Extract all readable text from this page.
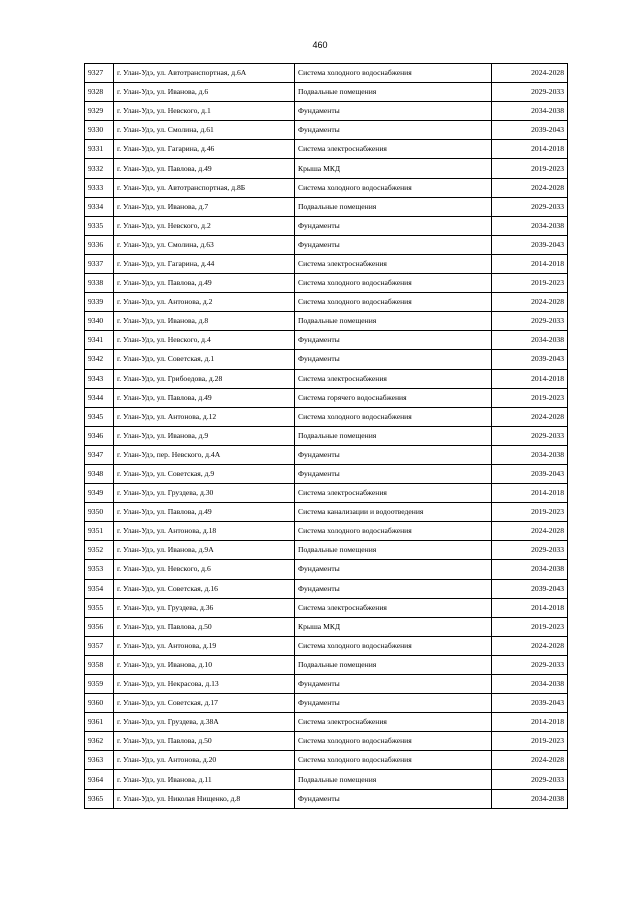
460
9327	г. Улан-Удэ, ул. Автотранспортная, д.6А	Система холодного водоснабжения	2024-2028
9328	г. Улан-Удэ, ул. Иванова, д.6	Подвальные помещения	2029-2033
9329	г. Улан-Удэ, ул. Невского, д.1	Фундаменты	2034-2038
9330	г. Улан-Удэ, ул. Смолина, д.61	Фундаменты	2039-2043
9331	г. Улан-Удэ, ул. Гагарина, д.46	Система электроснабжения	2014-2018
9332	г. Улан-Удэ, ул. Павлова, д.49	Крыша МКД	2019-2023
9333	г. Улан-Удэ, ул. Автотранспортная, д.8Б	Система холодного водоснабжения	2024-2028
9334	г. Улан-Удэ, ул. Иванова, д.7	Подвальные помещения	2029-2033
9335	г. Улан-Удэ, ул. Невского, д.2	Фундаменты	2034-2038
9336	г. Улан-Удэ, ул. Смолина, д.63	Фундаменты	2039-2043
9337	г. Улан-Удэ, ул. Гагарина, д.44	Система электроснабжения	2014-2018
9338	г. Улан-Удэ, ул. Павлова, д.49	Система холодного водоснабжения	2019-2023
9339	г. Улан-Удэ, ул. Антонова, д.2	Система холодного водоснабжения	2024-2028
9340	г. Улан-Удэ, ул. Иванова, д.8	Подвальные помещения	2029-2033
9341	г. Улан-Удэ, ул. Невского, д.4	Фундаменты	2034-2038
9342	г. Улан-Удэ, ул. Советская, д.1	Фундаменты	2039-2043
9343	г. Улан-Удэ, ул. Грибоедова, д.28	Система электроснабжения	2014-2018
9344	г. Улан-Удэ, ул. Павлова, д.49	Система горячего водоснабжения	2019-2023
9345	г. Улан-Удэ, ул. Антонова, д.12	Система холодного водоснабжения	2024-2028
9346	г. Улан-Удэ, ул. Иванова, д.9	Подвальные помещения	2029-2033
9347	г. Улан-Удэ, пер. Невского, д.4А	Фундаменты	2034-2038
9348	г. Улан-Удэ, ул. Советская, д.9	Фундаменты	2039-2043
9349	г. Улан-Удэ, ул. Груздева, д.30	Система электроснабжения	2014-2018
9350	г. Улан-Удэ, ул. Павлова, д.49	Система канализации и водоотведения	2019-2023
9351	г. Улан-Удэ, ул. Антонова, д.18	Система холодного водоснабжения	2024-2028
9352	г. Улан-Удэ, ул. Иванова, д.9А	Подвальные помещения	2029-2033
9353	г. Улан-Удэ, ул. Невского, д.6	Фундаменты	2034-2038
9354	г. Улан-Удэ, ул. Советская, д.16	Фундаменты	2039-2043
9355	г. Улан-Удэ, ул. Груздева, д.36	Система электроснабжения	2014-2018
9356	г. Улан-Удэ, ул. Павлова, д.50	Крыша МКД	2019-2023
9357	г. Улан-Удэ, ул. Антонова, д.19	Система холодного водоснабжения	2024-2028
9358	г. Улан-Удэ, ул. Иванова, д.10	Подвальные помещения	2029-2033
9359	г. Улан-Удэ, ул. Некрасова, д.13	Фундаменты	2034-2038
9360	г. Улан-Удэ, ул. Советская, д.17	Фундаменты	2039-2043
9361	г. Улан-Удэ, ул. Груздева, д.38А	Система электроснабжения	2014-2018
9362	г. Улан-Удэ, ул. Павлова, д.50	Система холодного водоснабжения	2019-2023
9363	г. Улан-Удэ, ул. Антонова, д.20	Система холодного водоснабжения	2024-2028
9364	г. Улан-Удэ, ул. Иванова, д.11	Подвальные помещения	2029-2033
9365	г. Улан-Удэ, ул. Николая Нищенко, д.8	Фундаменты	2034-2038
